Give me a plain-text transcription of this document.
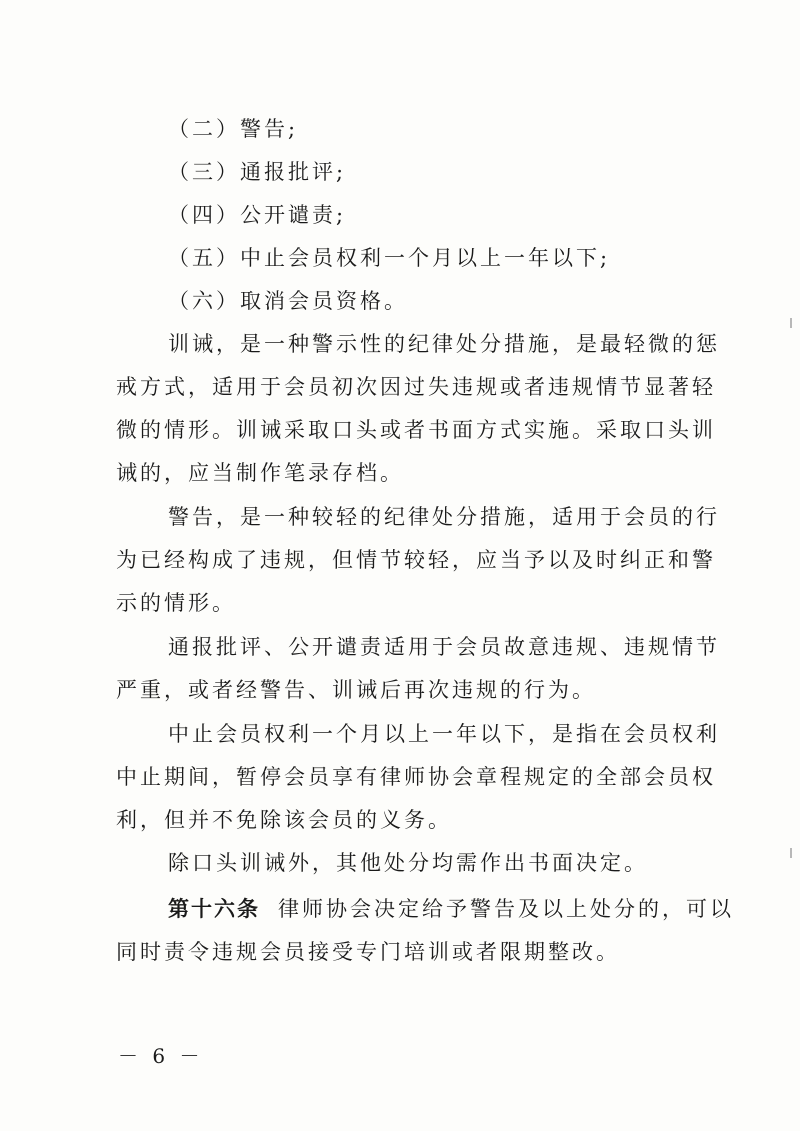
（二）警告;
（三）通报批评;
（四）公开谴责;
（五）中止会员权利一个月以上一年以下;
（六）取消会员资格。
训诫，是一种警示性的纪律处分措施，是最轻微的惩
戒方式，适用于会员初次因过失违规或者违规情节显著轻
微的情形。训诫采取口头或者书面方式实施。采取口头训
诫的，应当制作笔录存档。
警告，是一种较轻的纪律处分措施，适用于会员的行
为已经构成了违规，但情节较轻，应当予以及时纠正和警
示的情形。
通报批评、公开谴责适用于会员故意违规、违规情节
严重，或者经警告、训诫后再次违规的行为。
中止会员权利一个月以上一年以下，是指在会员权利
中止期间，暂停会员享有律师协会章程规定的全部会员权
利，但并不免除该会员的义务。
除口头训诫外，其他处分均需作出书面决定。
第十六条 律师协会决定给予警告及以上处分的，可以
同时责令违规会员接受专门培训或者限期整改。
－ 6 －
